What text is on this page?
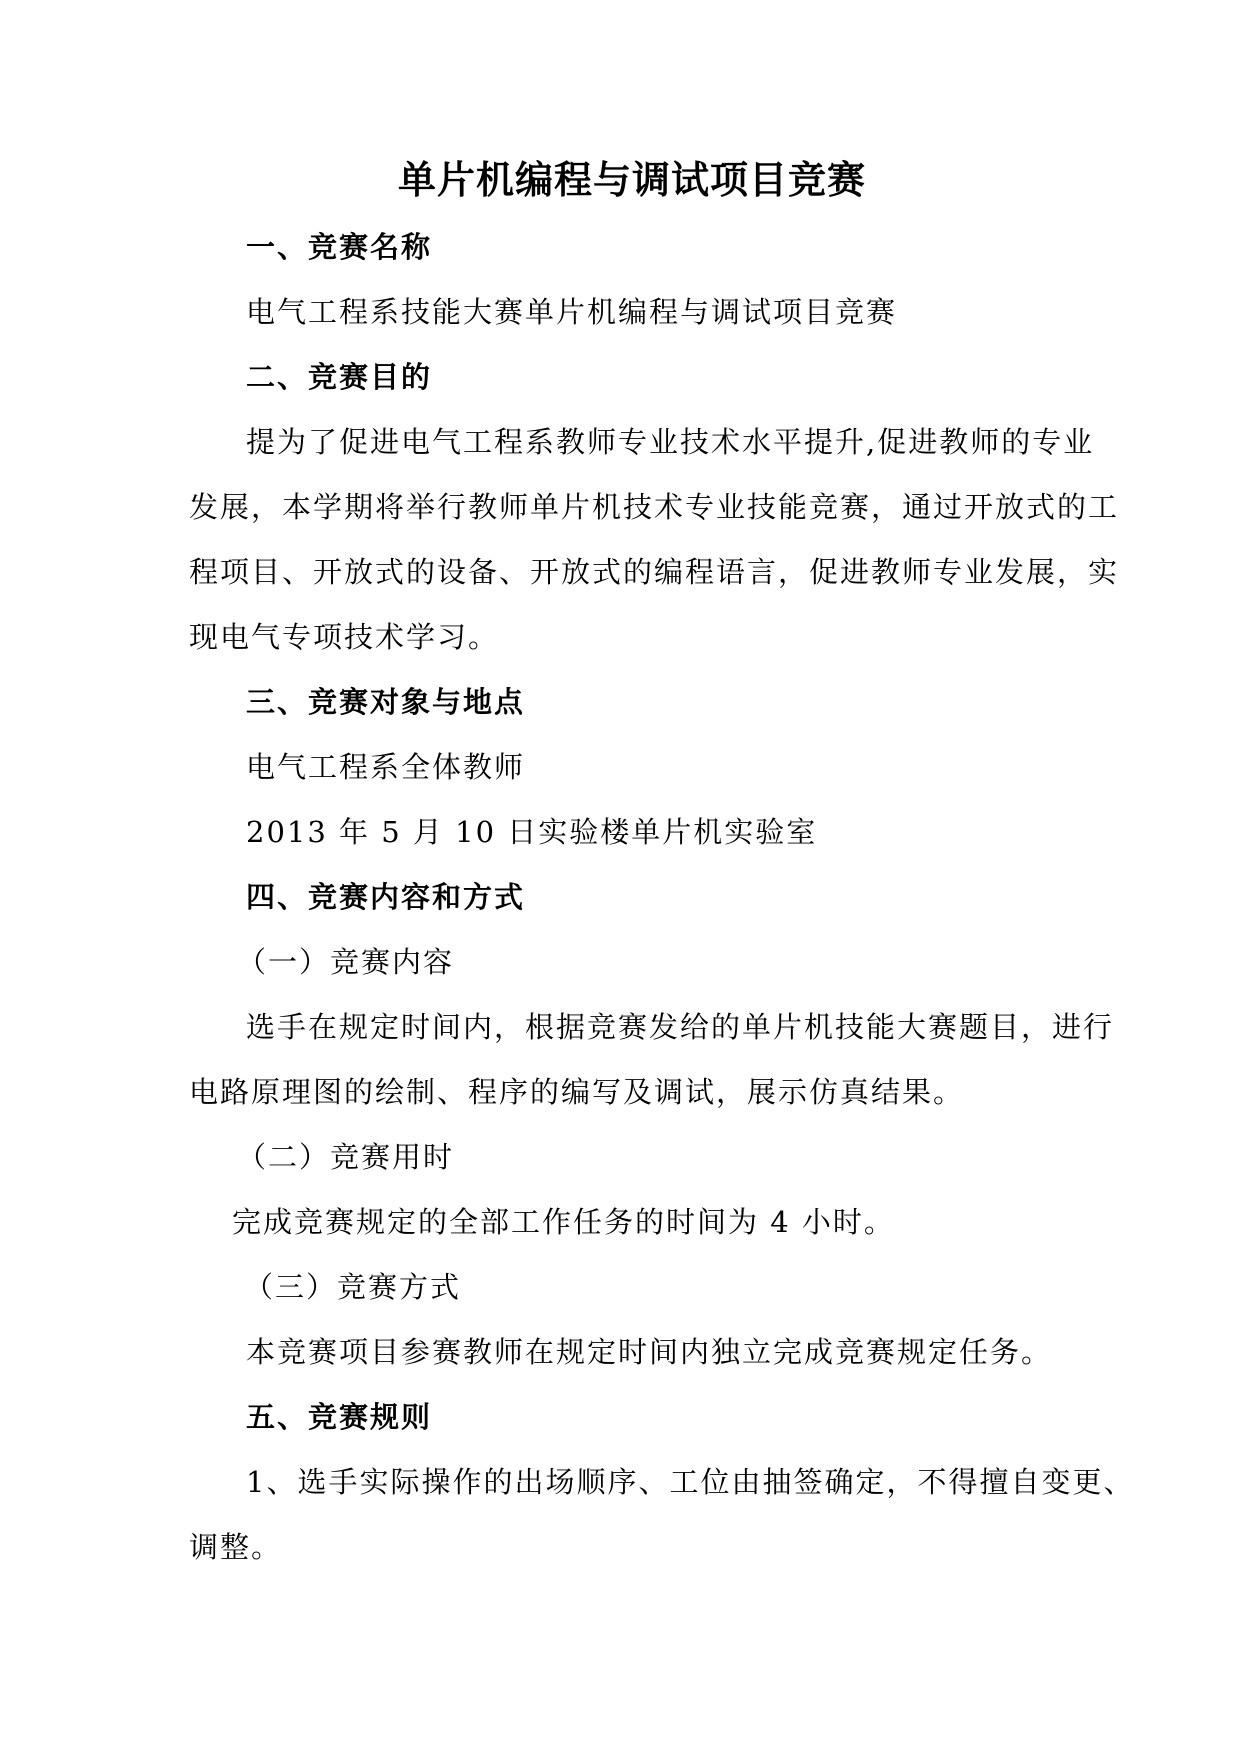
单片机编程与调试项目竞赛
一、竞赛名称
电气工程系技能大赛单片机编程与调试项目竞赛
二、竞赛目的
提为了促进电气工程系教师专业技术水平提升,促进教师的专业
发展，本学期将举行教师单片机技术专业技能竞赛，通过开放式的工
程项目、开放式的设备、开放式的编程语言，促进教师专业发展，实
现电气专项技术学习。
三、竞赛对象与地点
电气工程系全体教师
2013 年 5 月 10 日实验楼单片机实验室
四、竞赛内容和方式
（一）竞赛内容
选手在规定时间内，根据竞赛发给的单片机技能大赛题目，进行
电路原理图的绘制、程序的编写及调试，展示仿真结果。
（二）竞赛用时
完成竞赛规定的全部工作任务的时间为 4 小时。
（三）竞赛方式
本竞赛项目参赛教师在规定时间内独立完成竞赛规定任务。
五、竞赛规则
1、选手实际操作的出场顺序、工位由抽签确定，不得擅自变更、
调整。
